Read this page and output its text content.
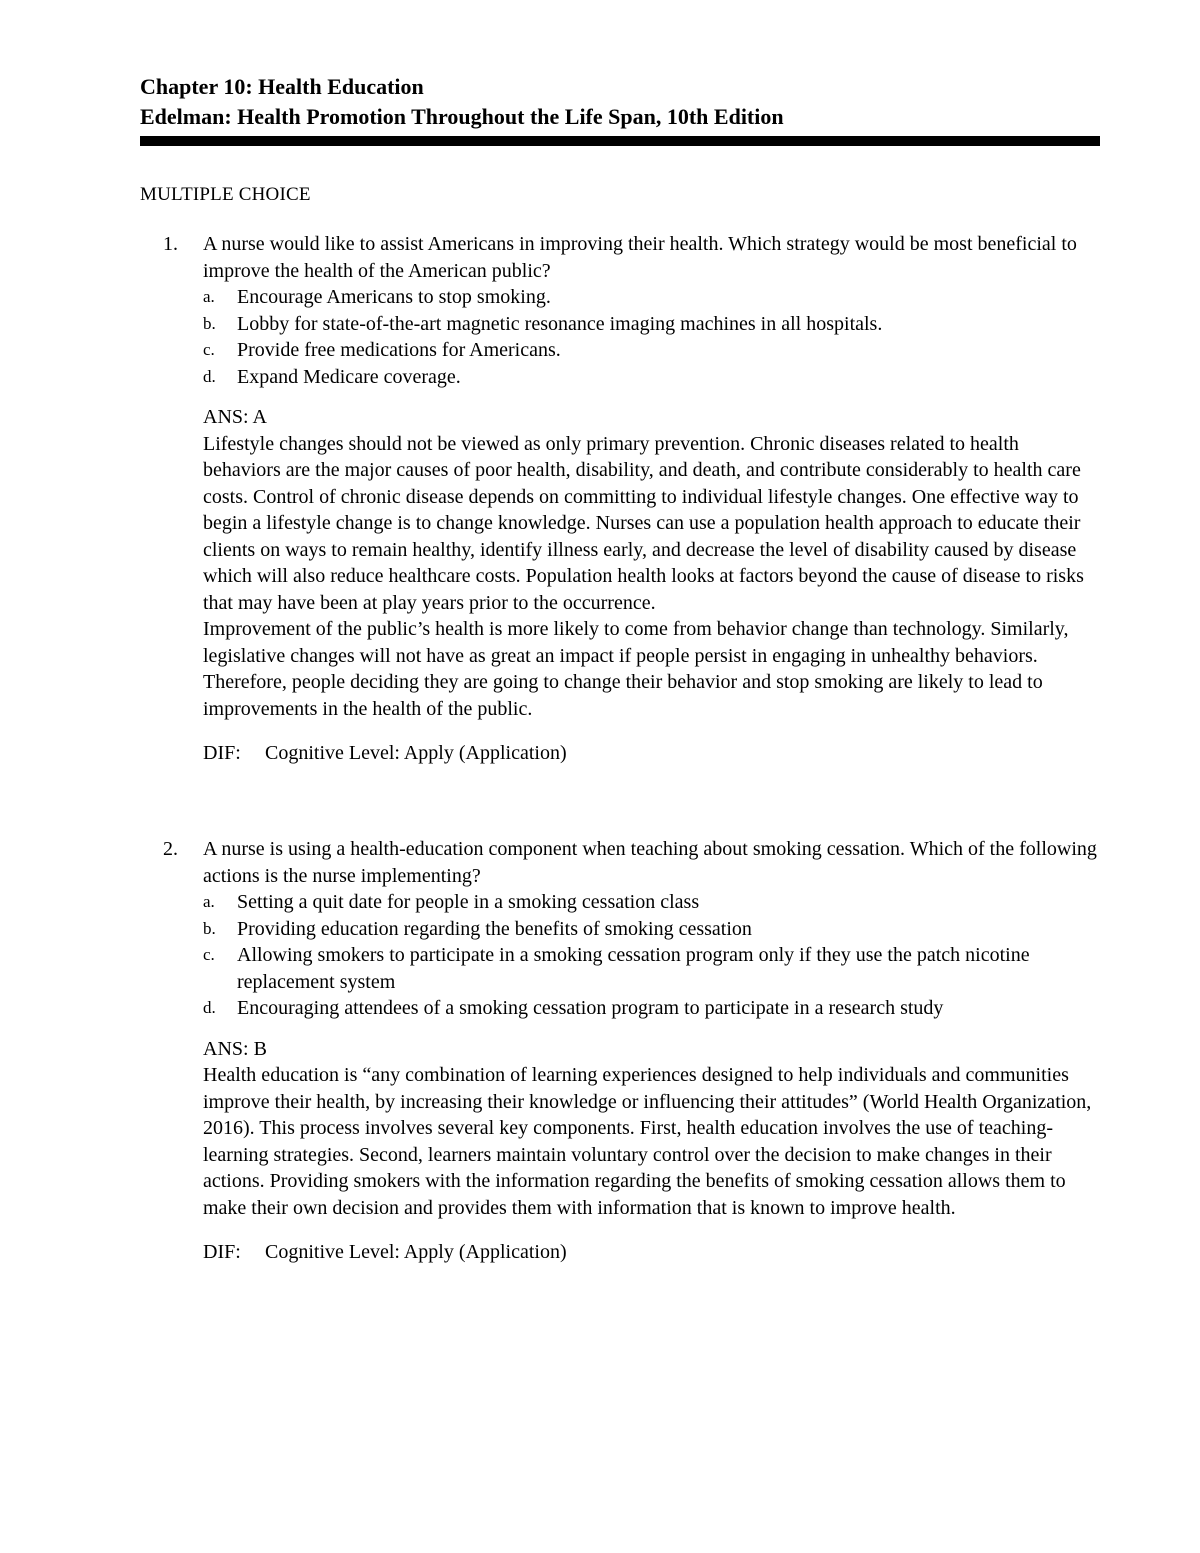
Chapter 10: Health Education
Edelman: Health Promotion Throughout the Life Span, 10th Edition
MULTIPLE CHOICE
1.	A nurse would like to assist Americans in improving their health. Which strategy would be most beneficial to improve the health of the American public?

a.	Encourage Americans to stop smoking.
b.	Lobby for state-of-the-art magnetic resonance imaging machines in all hospitals.
c.	Provide free medications for Americans.
d.	Expand Medicare coverage.
ANS: A

Lifestyle changes should not be viewed as only primary prevention. Chronic diseases related to health behaviors are the major causes of poor health, disability, and death, and contribute considerably to health care costs. Control of chronic disease depends on committing to individual lifestyle changes. One effective way to begin a lifestyle change is to change knowledge. Nurses can use a population health approach to educate their clients on ways to remain healthy, identify illness early, and decrease the level of disability caused by disease which will also reduce healthcare costs. Population health looks at factors beyond the cause of disease to risks that may have been at play years prior to the occurrence.

Improvement of the public’s health is more likely to come from behavior change than technology. Similarly, legislative changes will not have as great an impact if people persist in engaging in unhealthy behaviors. Therefore, people deciding they are going to change their behavior and stop smoking are likely to lead to improvements in the health of the public.

DIF:	Cognitive Level: Apply (Application)
2.	A nurse is using a health-education component when teaching about smoking cessation. Which of the following actions is the nurse implementing?

a.	Setting a quit date for people in a smoking cessation class
b.	Providing education regarding the benefits of smoking cessation
c.	Allowing smokers to participate in a smoking cessation program only if they use the patch nicotine replacement system
d.	Encouraging attendees of a smoking cessation program to participate in a research study
ANS: B

Health education is “any combination of learning experiences designed to help individuals and communities improve their health, by increasing their knowledge or influencing their attitudes” (World Health Organization, 2016). This process involves several key components. First, health education involves the use of teaching-learning strategies. Second, learners maintain voluntary control over the decision to make changes in their actions. Providing smokers with the information regarding the benefits of smoking cessation allows them to make their own decision and provides them with information that is known to improve health.

DIF:	Cognitive Level: Apply (Application)
